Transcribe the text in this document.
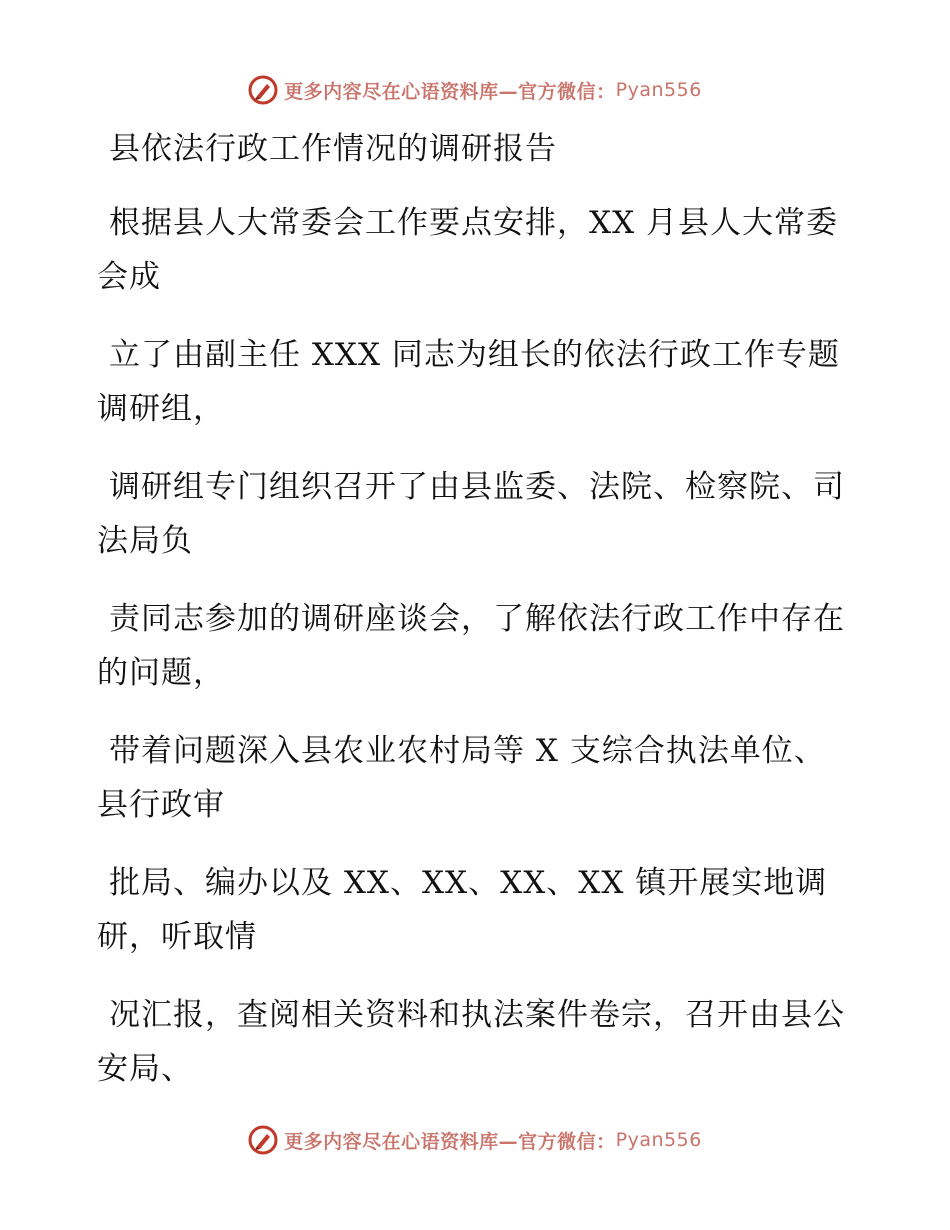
更多内容尽在心语资料库—官方微信： Pyan556

县依法行政工作情况的调研报告

根据县人大常委会工作要点安排，XX 月县人大常委会成

立了由副主任 XXX 同志为组长的依法行政工作专题调研组，

调研组专门组织召开了由县监委、法院、检察院、司法局负

责同志参加的调研座谈会，了解依法行政工作中存在的问题，

带着问题深入县农业农村局等 X 支综合执法单位、县行政审

批局、编办以及 XX、XX、XX、XX 镇开展实地调研，听取情

况汇报，查阅相关资料和执法案件卷宗，召开由县公安局、

更多内容尽在心语资料库—官方微信： Pyan556
